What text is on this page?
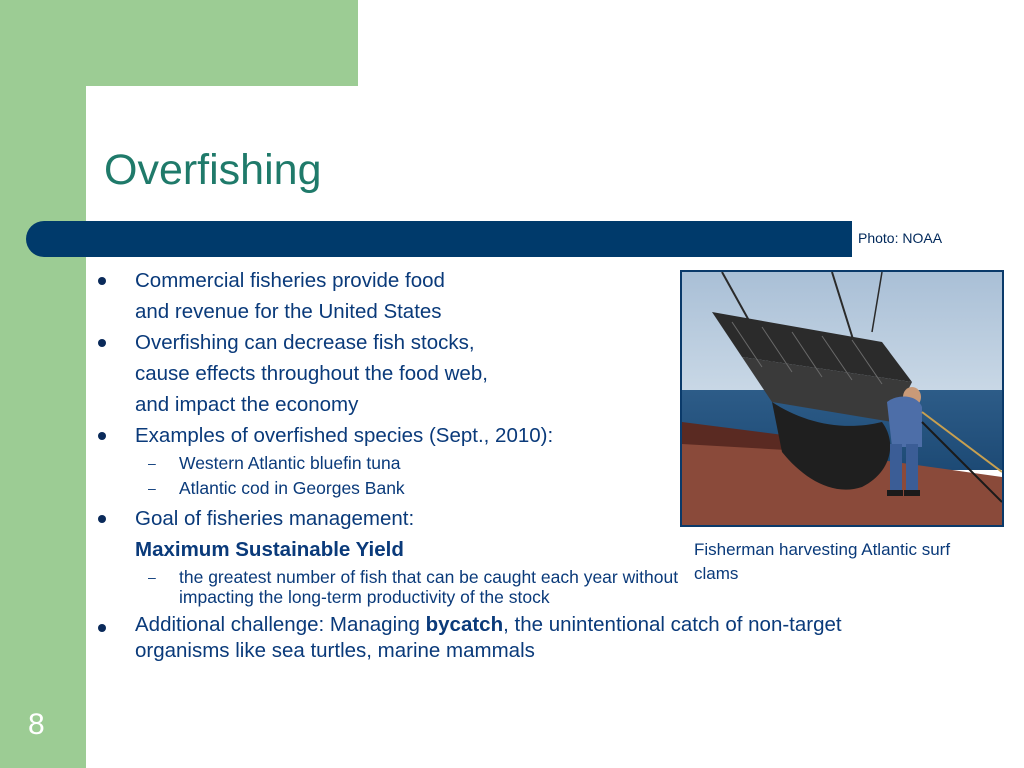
Overfishing
Photo: NOAA
Fisherman harvesting Atlantic surf clams
Commercial fisheries provide food
and revenue for the United States
Overfishing can decrease fish stocks,
cause effects throughout the food web,
and impact the economy
Examples of overfished species (Sept., 2010):
– Western Atlantic bluefin tuna
– Atlantic cod in Georges Bank
Goal of fisheries management:
Maximum Sustainable Yield
– the greatest number of fish that can be caught each year without impacting the long-term productivity of the stock
Additional challenge: Managing bycatch, the unintentional catch of non-target organisms like sea turtles, marine mammals
8
